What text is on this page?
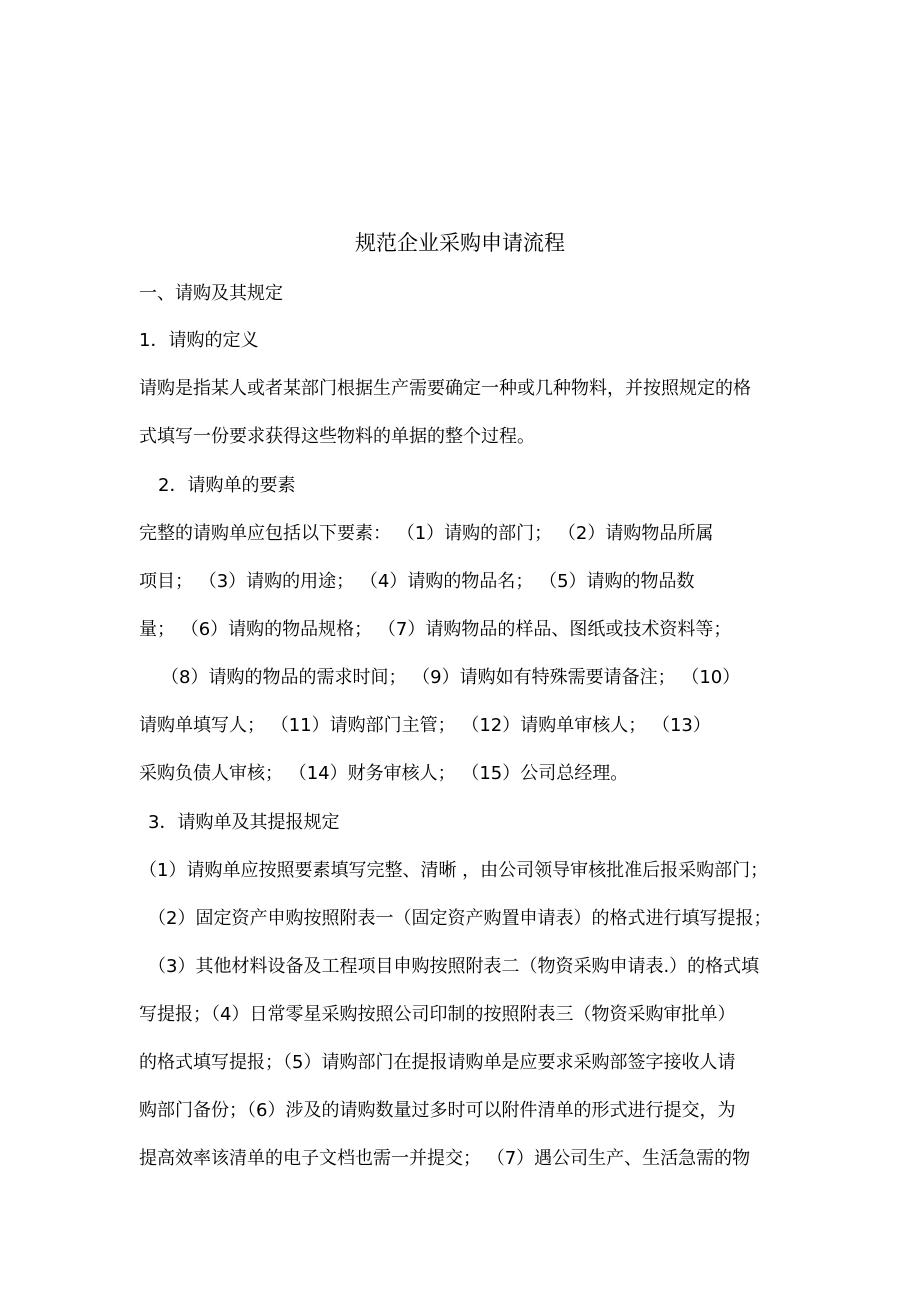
规范企业采购申请流程
一、请购及其规定
1．请购的定义
请购是指某人或者某部门根据生产需要确定一种或几种物料，并按照规定的格
式填写一份要求获得这些物料的单据的整个过程。
2．请购单的要素
完整的请购单应包括以下要素： （1）请购的部门； （2）请购物品所属
项目； （3）请购的用途； （4）请购的物品名； （5）请购的物品数
量； （6）请购的物品规格； （7）请购物品的样品、图纸或技术资料等；
（8）请购的物品的需求时间； （9）请购如有特殊需要请备注； （10）
请购单填写人； （11）请购部门主管； （12）请购单审核人； （13）
采购负债人审核； （14）财务审核人； （15）公司总经理。
3．请购单及其提报规定
（1）请购单应按照要素填写完整、清晰 ，由公司领导审核批准后报采购部门；
（2）固定资产申购按照附表一（固定资产购置申请表）的格式进行填写提报；
（3）其他材料设备及工程项目申购按照附表二（物资采购申请表.）的格式填
写提报；（4）日常零星采购按照公司印制的按照附表三（物资采购审批单）
的格式填写提报；（5）请购部门在提报请购单是应要求采购部签字接收人请
购部门备份；（6）涉及的请购数量过多时可以附件清单的形式进行提交，为
提高效率该清单的电子文档也需一并提交； （7）遇公司生产、生活急需的物
